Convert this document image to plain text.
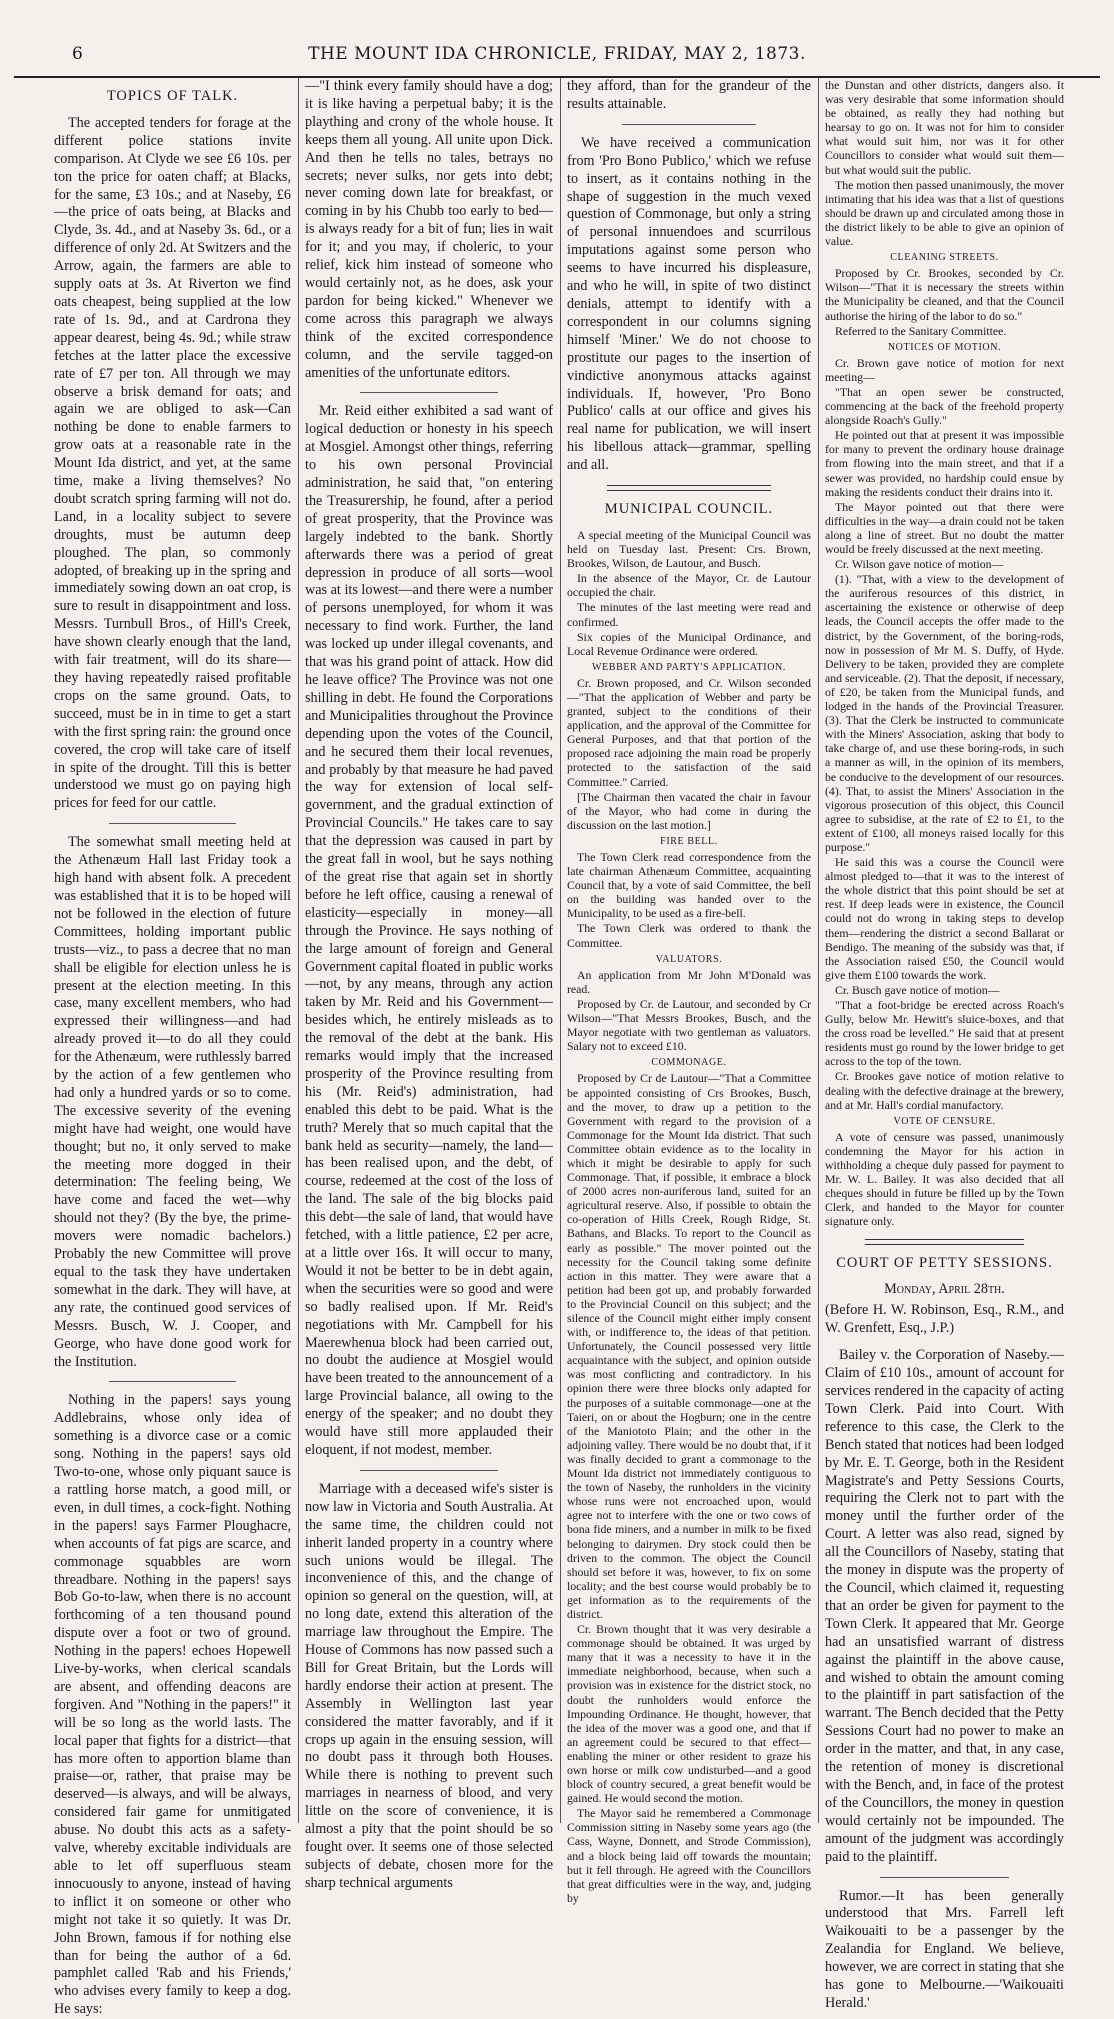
6	THE MOUNT IDA CHRONICLE, FRIDAY, MAY 2, 1873.
TOPICS OF TALK.

The accepted tenders for forage at the different police stations invite comparison. At Clyde we see £6 10s. per ton the price for oaten chaff; at Blacks, for the same, £3 10s.; and at Naseby, £6—the price of oats being, at Blacks and Clyde, 3s. 4d., and at Naseby 3s. 6d., or a difference of only 2d. At Switzers and the Arrow, again, the farmers are able to supply oats at 3s. At Riverton we find oats cheapest, being supplied at the low rate of 1s. 9d., and at Cardrona they appear dearest, being 4s. 9d.; while straw fetches at the latter place the excessive rate of £7 per ton. All through we may observe a brisk demand for oats; and again we are obliged to ask—Can nothing be done to enable farmers to grow oats at a reasonable rate in the Mount Ida district, and yet, at the same time, make a living themselves? No doubt scratch spring farming will not do. Land, in a locality subject to severe droughts, must be autumn deep ploughed. The plan, so commonly adopted, of breaking up in the spring and immediately sowing down an oat crop, is sure to result in disappointment and loss. Messrs. Turnbull Bros., of Hill's Creek, have shown clearly enough that the land, with fair treatment, will do its share—they having repeatedly raised profitable crops on the same ground. Oats, to succeed, must be in in time to get a start with the first spring rain: the ground once covered, the crop will take care of itself in spite of the drought. Till this is better understood we must go on paying high prices for feed for our cattle.

The somewhat small meeting held at the Athenæum Hall last Friday took a high hand with absent folk. A precedent was established that it is to be hoped will not be followed in the election of future Committees, holding important public trusts—viz., to pass a decree that no man shall be eligible for election unless he is present at the election meeting. In this case, many excellent members, who had expressed their willingness—and had already proved it—to do all they could for the Athenæum, were ruthlessly barred by the action of a few gentlemen who had only a hundred yards or so to come. The excessive severity of the evening might have had weight, one would have thought; but no, it only served to make the meeting more dogged in their determination: The feeling being, We have come and faced the wet—why should not they? (By the bye, the prime-movers were nomadic bachelors.) Probably the new Committee will prove equal to the task they have undertaken somewhat in the dark. They will have, at any rate, the continued good services of Messrs. Busch, W. J. Cooper, and George, who have done good work for the Institution.

Nothing in the papers! says young Addlebrains, whose only idea of something is a divorce case or a comic song. Nothing in the papers! says old Two-to-one, whose only piquant sauce is a rattling horse match, a good mill, or even, in dull times, a cock-fight. Nothing in the papers! says Farmer Ploughacre, when accounts of fat pigs are scarce, and commonage squabbles are worn threadbare. Nothing in the papers! says Bob Go-to-law, when there is no account forthcoming of a ten thousand pound dispute over a foot or two of ground. Nothing in the papers! echoes Hopewell Live-by-works, when clerical scandals are absent, and offending deacons are forgiven. And "Nothing in the papers!" it will be so long as the world lasts. The local paper that fights for a district—that has more often to apportion blame than praise—or, rather, that praise may be deserved—is always, and will be always, considered fair game for unmitigated abuse. No doubt this acts as a safety-valve, whereby excitable individuals are able to let off superfluous steam innocuously to anyone, instead of having to inflict it on someone or other who might not take it so quietly. It was Dr. John Brown, famous if for nothing else than for being the author of a 6d. pamphlet called 'Rab and his Friends,' who advises every family to keep a dog. He says:

—"I think every family should have a dog; it is like having a perpetual baby; it is the plaything and crony of the whole house. It keeps them all young. All unite upon Dick. And then he tells no tales, betrays no secrets; never sulks, nor gets into debt; never coming down late for breakfast, or coming in by his Chubb too early to bed—is always ready for a bit of fun; lies in wait for it; and you may, if choleric, to your relief, kick him instead of someone who would certainly not, as he does, ask your pardon for being kicked." Whenever we come across this paragraph we always think of the excited correspondence column, and the servile tagged-on amenities of the unfortunate editors.

Mr. Reid either exhibited a sad want of logical deduction or honesty in his speech at Mosgiel. Amongst other things, referring to his own personal Provincial administration, he said that, "on entering the Treasurership, he found, after a period of great prosperity, that the Province was largely indebted to the bank. Shortly afterwards there was a period of great depression in produce of all sorts—wool was at its lowest—and there were a number of persons unemployed, for whom it was necessary to find work. Further, the land was locked up under illegal covenants, and that was his grand point of attack. How did he leave office? The Province was not one shilling in debt. He found the Corporations and Municipalities throughout the Province depending upon the votes of the Council, and he secured them their local revenues, and probably by that measure he had paved the way for extension of local self-government, and the gradual extinction of Provincial Councils." He takes care to say that the depression was caused in part by the great fall in wool, but he says nothing of the great rise that again set in shortly before he left office, causing a renewal of elasticity—especially in money—all through the Province. He says nothing of the large amount of foreign and General Government capital floated in public works—not, by any means, through any action taken by Mr. Reid and his Government—besides which, he entirely misleads as to the removal of the debt at the bank. His remarks would imply that the increased prosperity of the Province resulting from his (Mr. Reid's) administration, had enabled this debt to be paid. What is the truth? Merely that so much capital that the bank held as security—namely, the land—has been realised upon, and the debt, of course, redeemed at the cost of the loss of the land. The sale of the big blocks paid this debt—the sale of land, that would have fetched, with a little patience, £2 per acre, at a little over 16s. It will occur to many, Would it not be better to be in debt again, when the securities were so good and were so badly realised upon. If Mr. Reid's negotiations with Mr. Campbell for his Maerewhenua block had been carried out, no doubt the audience at Mosgiel would have been treated to the announcement of a large Provincial balance, all owing to the energy of the speaker; and no doubt they would have still more applauded their eloquent, if not modest, member.

Marriage with a deceased wife's sister is now law in Victoria and South Australia. At the same time, the children could not inherit landed property in a country where such unions would be illegal. The inconvenience of this, and the change of opinion so general on the question, will, at no long date, extend this alteration of the marriage law throughout the Empire. The House of Commons has now passed such a Bill for Great Britain, but the Lords will hardly endorse their action at present. The Assembly in Wellington last year considered the matter favorably, and if it crops up again in the ensuing session, will no doubt pass it through both Houses. While there is nothing to prevent such marriages in nearness of blood, and very little on the score of convenience, it is almost a pity that the point should be so fought over. It seems one of those selected subjects of debate, chosen more for the sharp technical arguments

they afford, than for the grandeur of the results attainable.

We have received a communication from 'Pro Bono Publico,' which we refuse to insert, as it contains nothing in the shape of suggestion in the much vexed question of Commonage, but only a string of personal innuendoes and scurrilous imputations against some person who seems to have incurred his displeasure, and who he will, in spite of two distinct denials, attempt to identify with a correspondent in our columns signing himself 'Miner.' We do not choose to prostitute our pages to the insertion of vindictive anonymous attacks against individuals. If, however, 'Pro Bono Publico' calls at our office and gives his real name for publication, we will insert his libellous attack—grammar, spelling and all.

MUNICIPAL COUNCIL.

A special meeting of the Municipal Council was held on Tuesday last. Present: Crs. Brown, Brookes, Wilson, de Lautour, and Busch.

In the absence of the Mayor, Cr. de Lautour occupied the chair.

The minutes of the last meeting were read and confirmed.

Six copies of the Municipal Ordinance, and Local Revenue Ordinance were ordered.

WEBBER AND PARTY'S APPLICATION.

Cr. Brown proposed, and Cr. Wilson seconded—"That the application of Webber and party be granted, subject to the conditions of their application, and the approval of the Committee for General Purposes, and that that portion of the proposed race adjoining the main road be properly protected to the satisfaction of the said Committee." Carried.

[The Chairman then vacated the chair in favour of the Mayor, who had come in during the discussion on the last motion.]

FIRE BELL.

The Town Clerk read correspondence from the late chairman Athenæum Committee, acquainting Council that, by a vote of said Committee, the bell on the building was handed over to the Municipality, to be used as a fire-bell.

The Town Clerk was ordered to thank the Committee.

VALUATORS.

An application from Mr John M'Donald was read.

Proposed by Cr. de Lautour, and seconded by Cr Wilson—"That Messrs Brookes, Busch, and the Mayor negotiate with two gentleman as valuators. Salary not to exceed £10.

COMMONAGE.

Proposed by Cr de Lautour—"That a Committee be appointed consisting of Crs Brookes, Busch, and the mover, to draw up a petition to the Government with regard to the provision of a Commonage for the Mount Ida district. That such Committee obtain evidence as to the locality in which it might be desirable to apply for such Commonage. That, if possible, it embrace a block of 2000 acres non-auriferous land, suited for an agricultural reserve. Also, if possible to obtain the co-operation of Hills Creek, Rough Ridge, St. Bathans, and Blacks. To report to the Council as early as possible." The mover pointed out the necessity for the Council taking some definite action in this matter. They were aware that a petition had been got up, and probably forwarded to the Provincial Council on this subject; and the silence of the Council might either imply consent with, or indifference to, the ideas of that petition. Unfortunately, the Council possessed very little acquaintance with the subject, and opinion outside was most conflicting and contradictory. In his opinion there were three blocks only adapted for the purposes of a suitable commonage—one at the Taieri, on or about the Hogburn; one in the centre of the Maniototo Plain; and the other in the adjoining valley. There would be no doubt that, if it was finally decided to grant a commonage to the Mount Ida district not immediately contiguous to the town of Naseby, the runholders in the vicinity whose runs were not encroached upon, would agree not to interfere with the one or two cows of bona fide miners, and a number in milk to be fixed belonging to dairymen. Dry stock could then be driven to the common. The object the Council should set before it was, however, to fix on some locality; and the best course would probably be to get information as to the requirements of the district.

Cr. Brown thought that it was very desirable a commonage should be obtained. It was urged by many that it was a necessity to have it in the immediate neighborhood, because, when such a provision was in existence for the district stock, no doubt the runholders would enforce the Impounding Ordinance. He thought, however, that the idea of the mover was a good one, and that if an agreement could be secured to that effect—enabling the miner or other resident to graze his own horse or milk cow undisturbed—and a good block of country secured, a great benefit would be gained. He would second the motion.

The Mayor said he remembered a Commonage Commission sitting in Naseby some years ago (the Cass, Wayne, Donnett, and Strode Commission), and a block being laid off towards the mountain; but it fell through. He agreed with the Councillors that great difficulties were in the way, and, judging by

the Dunstan and other districts, dangers also. It was very desirable that some information should be obtained, as really they had nothing but hearsay to go on. It was not for him to consider what would suit him, nor was it for other Councillors to consider what would suit them—but what would suit the public.

The motion then passed unanimously, the mover intimating that his idea was that a list of questions should be drawn up and circulated among those in the district likely to be able to give an opinion of value.

CLEANING STREETS.

Proposed by Cr. Brookes, seconded by Cr. Wilson—"That it is necessary the streets within the Municipality be cleaned, and that the Council authorise the hiring of the labor to do so."

Referred to the Sanitary Committee.

NOTICES OF MOTION.

Cr. Brown gave notice of motion for next meeting—

"That an open sewer be constructed, commencing at the back of the freehold property alongside Roach's Gully."

He pointed out that at present it was impossible for many to prevent the ordinary house drainage from flowing into the main street, and that if a sewer was provided, no hardship could ensue by making the residents conduct their drains into it.

The Mayor pointed out that there were difficulties in the way—a drain could not be taken along a line of street. But no doubt the matter would be freely discussed at the next meeting.

Cr. Wilson gave notice of motion—

(1). "That, with a view to the development of the auriferous resources of this district, in ascertaining the existence or otherwise of deep leads, the Council accepts the offer made to the district, by the Government, of the boring-rods, now in possession of Mr M. S. Duffy, of Hyde. Delivery to be taken, provided they are complete and serviceable. (2). That the deposit, if necessary, of £20, be taken from the Municipal funds, and lodged in the hands of the Provincial Treasurer. (3). That the Clerk be instructed to communicate with the Miners' Association, asking that body to take charge of, and use these boring-rods, in such a manner as will, in the opinion of its members, be conducive to the development of our resources. (4). That, to assist the Miners' Association in the vigorous prosecution of this object, this Council agree to subsidise, at the rate of £2 to £1, to the extent of £100, all moneys raised locally for this purpose."

He said this was a course the Council were almost pledged to—that it was to the interest of the whole district that this point should be set at rest. If deep leads were in existence, the Council could not do wrong in taking steps to develop them—rendering the district a second Ballarat or Bendigo. The meaning of the subsidy was that, if the Association raised £50, the Council would give them £100 towards the work.

Cr. Busch gave notice of motion—

"That a foot-bridge be erected across Roach's Gully, below Mr. Hewitt's sluice-boxes, and that the cross road be levelled." He said that at present residents must go round by the lower bridge to get across to the top of the town.

Cr. Brookes gave notice of motion relative to dealing with the defective drainage at the brewery, and at Mr. Hall's cordial manufactory.

VOTE OF CENSURE.

A vote of censure was passed, unanimously condemning the Mayor for his action in withholding a cheque duly passed for payment to Mr. W. L. Bailey. It was also decided that all cheques should in future be filled up by the Town Clerk, and handed to the Mayor for counter signature only.

COURT OF PETTY SESSIONS.
Monday, April 28th.

(Before H. W. Robinson, Esq., R.M., and W. Grenfett, Esq., J.P.)

Bailey v. the Corporation of Naseby.—Claim of £10 10s., amount of account for services rendered in the capacity of acting Town Clerk. Paid into Court. With reference to this case, the Clerk to the Bench stated that notices had been lodged by Mr. E. T. George, both in the Resident Magistrate's and Petty Sessions Courts, requiring the Clerk not to part with the money until the further order of the Court. A letter was also read, signed by all the Councillors of Naseby, stating that the money in dispute was the property of the Council, which claimed it, requesting that an order be given for payment to the Town Clerk. It appeared that Mr. George had an unsatisfied warrant of distress against the plaintiff in the above cause, and wished to obtain the amount coming to the plaintiff in part satisfaction of the warrant. The Bench decided that the Petty Sessions Court had no power to make an order in the matter, and that, in any case, the retention of money is discretional with the Bench, and, in face of the protest of the Councillors, the money in question would certainly not be impounded. The amount of the judgment was accordingly paid to the plaintiff.

Rumor.—It has been generally understood that Mrs. Farrell left Waikouaiti to be a passenger by the Zealandia for England. We believe, however, we are correct in stating that she has gone to Melbourne.—'Waikouaiti Herald.'
